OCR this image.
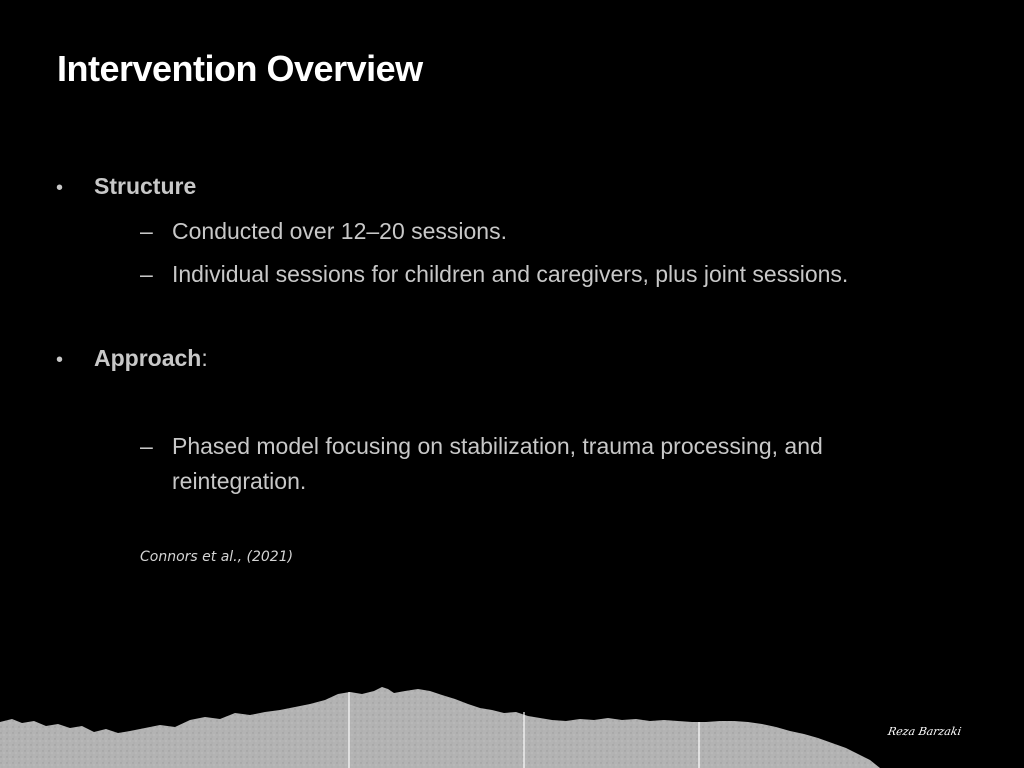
Intervention Overview
•	Structure
– Conducted over 12–20 sessions.
– Individual sessions for children and caregivers, plus joint sessions.
•	Approach :
– Phased model focusing on stabilization, trauma processing, and reintegration.
Connors et al., (2021)
Reza Barzaki
